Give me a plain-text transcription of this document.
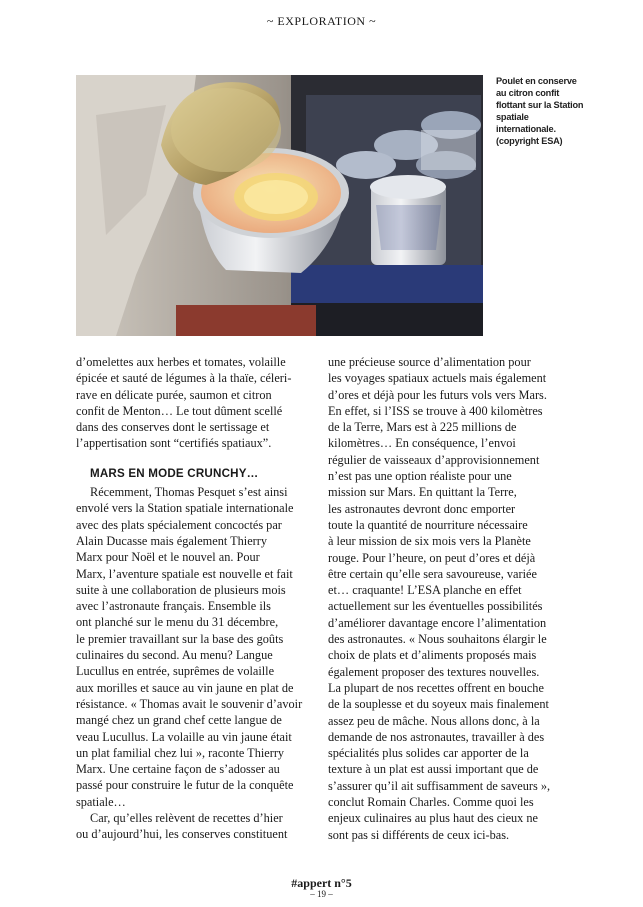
~ EXPLORATION ~
Poulet en conserve au citron confit flottant sur la Station spatiale internationale. (copyright ESA)

d’omelettes aux herbes et tomates, volaille
épicée et sauté de légumes à la thaïe, céleri-
rave en délicate purée, saumon et citron
confit de Menton… Le tout dûment scellé
dans des conserves dont le sertissage et
l’appertisation sont “certifiés spatiaux”.

MARS EN MODE CRUNCHY…

Récemment, Thomas Pesquet s’est ainsi
envolé vers la Station spatiale internationale
avec des plats spécialement concoctés par
Alain Ducasse mais également Thierry
Marx pour Noël et le nouvel an. Pour
Marx, l’aventure spatiale est nouvelle et fait
suite à une collaboration de plusieurs mois
avec l’astronaute français. Ensemble ils
ont planché sur le menu du 31 décembre,
le premier travaillant sur la base des goûts
culinaires du second. Au menu? Langue
Lucullus en entrée, suprêmes de volaille
aux morilles et sauce au vin jaune en plat de
résistance. « Thomas avait le souvenir d’avoir
mangé chez un grand chef cette langue de
veau Lucullus. La volaille au vin jaune était
un plat familial chez lui », raconte Thierry
Marx. Une certaine façon de s’adosser au
passé pour construire le futur de la conquête
spatiale…

Car, qu’elles relèvent de recettes d’hier
ou d’aujourd’hui, les conserves constituent

une précieuse source d’alimentation pour
les voyages spatiaux actuels mais également
d’ores et déjà pour les futurs vols vers Mars.
En effet, si l’ISS se trouve à 400 kilomètres
de la Terre, Mars est à 225 millions de
kilomètres… En conséquence, l’envoi
régulier de vaisseaux d’approvisionnement
n’est pas une option réaliste pour une
mission sur Mars. En quittant la Terre,
les astronautes devront donc emporter
toute la quantité de nourriture nécessaire
à leur mission de six mois vers la Planète
rouge. Pour l’heure, on peut d’ores et déjà
être certain qu’elle sera savoureuse, variée
et… craquante! L’ESA planche en effet
actuellement sur les éventuelles possibilités
d’améliorer davantage encore l’alimentation
des astronautes. « Nous souhaitons élargir le
choix de plats et d’aliments proposés mais
également proposer des textures nouvelles.
La plupart de nos recettes offrent en bouche
de la souplesse et du soyeux mais finalement
assez peu de mâche. Nous allons donc, à la
demande de nos astronautes, travailler à des
spécialités plus solides car apporter de la
texture à un plat est aussi important que de
s’assurer qu’il ait suffisamment de saveurs »,
conclut Romain Charles. Comme quoi les
enjeux culinaires au plus haut des cieux ne
sont pas si différents de ceux ici-bas.

#appert n°5
– 19 –
